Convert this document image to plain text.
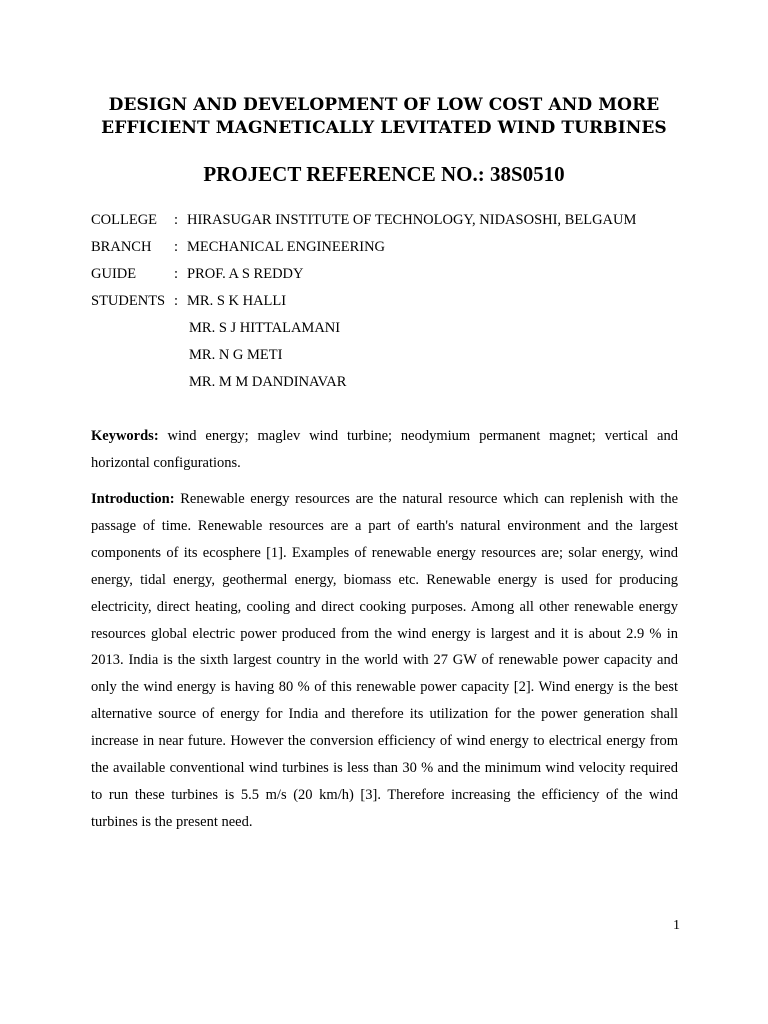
DESIGN AND DEVELOPMENT OF LOW COST AND MORE
EFFICIENT MAGNETICALLY LEVITATED WIND TURBINES
PROJECT REFERENCE NO.: 38S0510
COLLEGE	: HIRASUGAR INSTITUTE OF TECHNOLOGY, NIDASOSHI, BELGAUM
BRANCH	: MECHANICAL ENGINEERING
GUIDE	: PROF. A S REDDY
STUDENTS : MR. S K HALLI
MR. S J HITTALAMANI
MR. N G METI
MR. M M DANDINAVAR

Keywords: wind energy; maglev wind turbine; neodymium permanent magnet; vertical and horizontal configurations.

Introduction: Renewable energy resources are the natural resource which can replenish with the passage of time. Renewable resources are a part of earth's natural environment and the largest components of its ecosphere [1]. Examples of renewable energy resources are; solar energy, wind energy, tidal energy, geothermal energy, biomass etc. Renewable energy is used for producing electricity, direct heating, cooling and direct cooking purposes. Among all other renewable energy resources global electric power produced from the wind energy is largest and it is about 2.9 % in 2013. India is the sixth largest country in the world with 27 GW of renewable power capacity and only the wind energy is having 80 % of this renewable power capacity [2]. Wind energy is the best alternative source of energy for India and therefore its utilization for the power generation shall increase in near future. However the conversion efficiency of wind energy to electrical energy from the available conventional wind turbines is less than 30 % and the minimum wind velocity required to run these turbines is 5.5 m/s (20 km/h) [3]. Therefore increasing the efficiency of the wind turbines is the present need.

1
